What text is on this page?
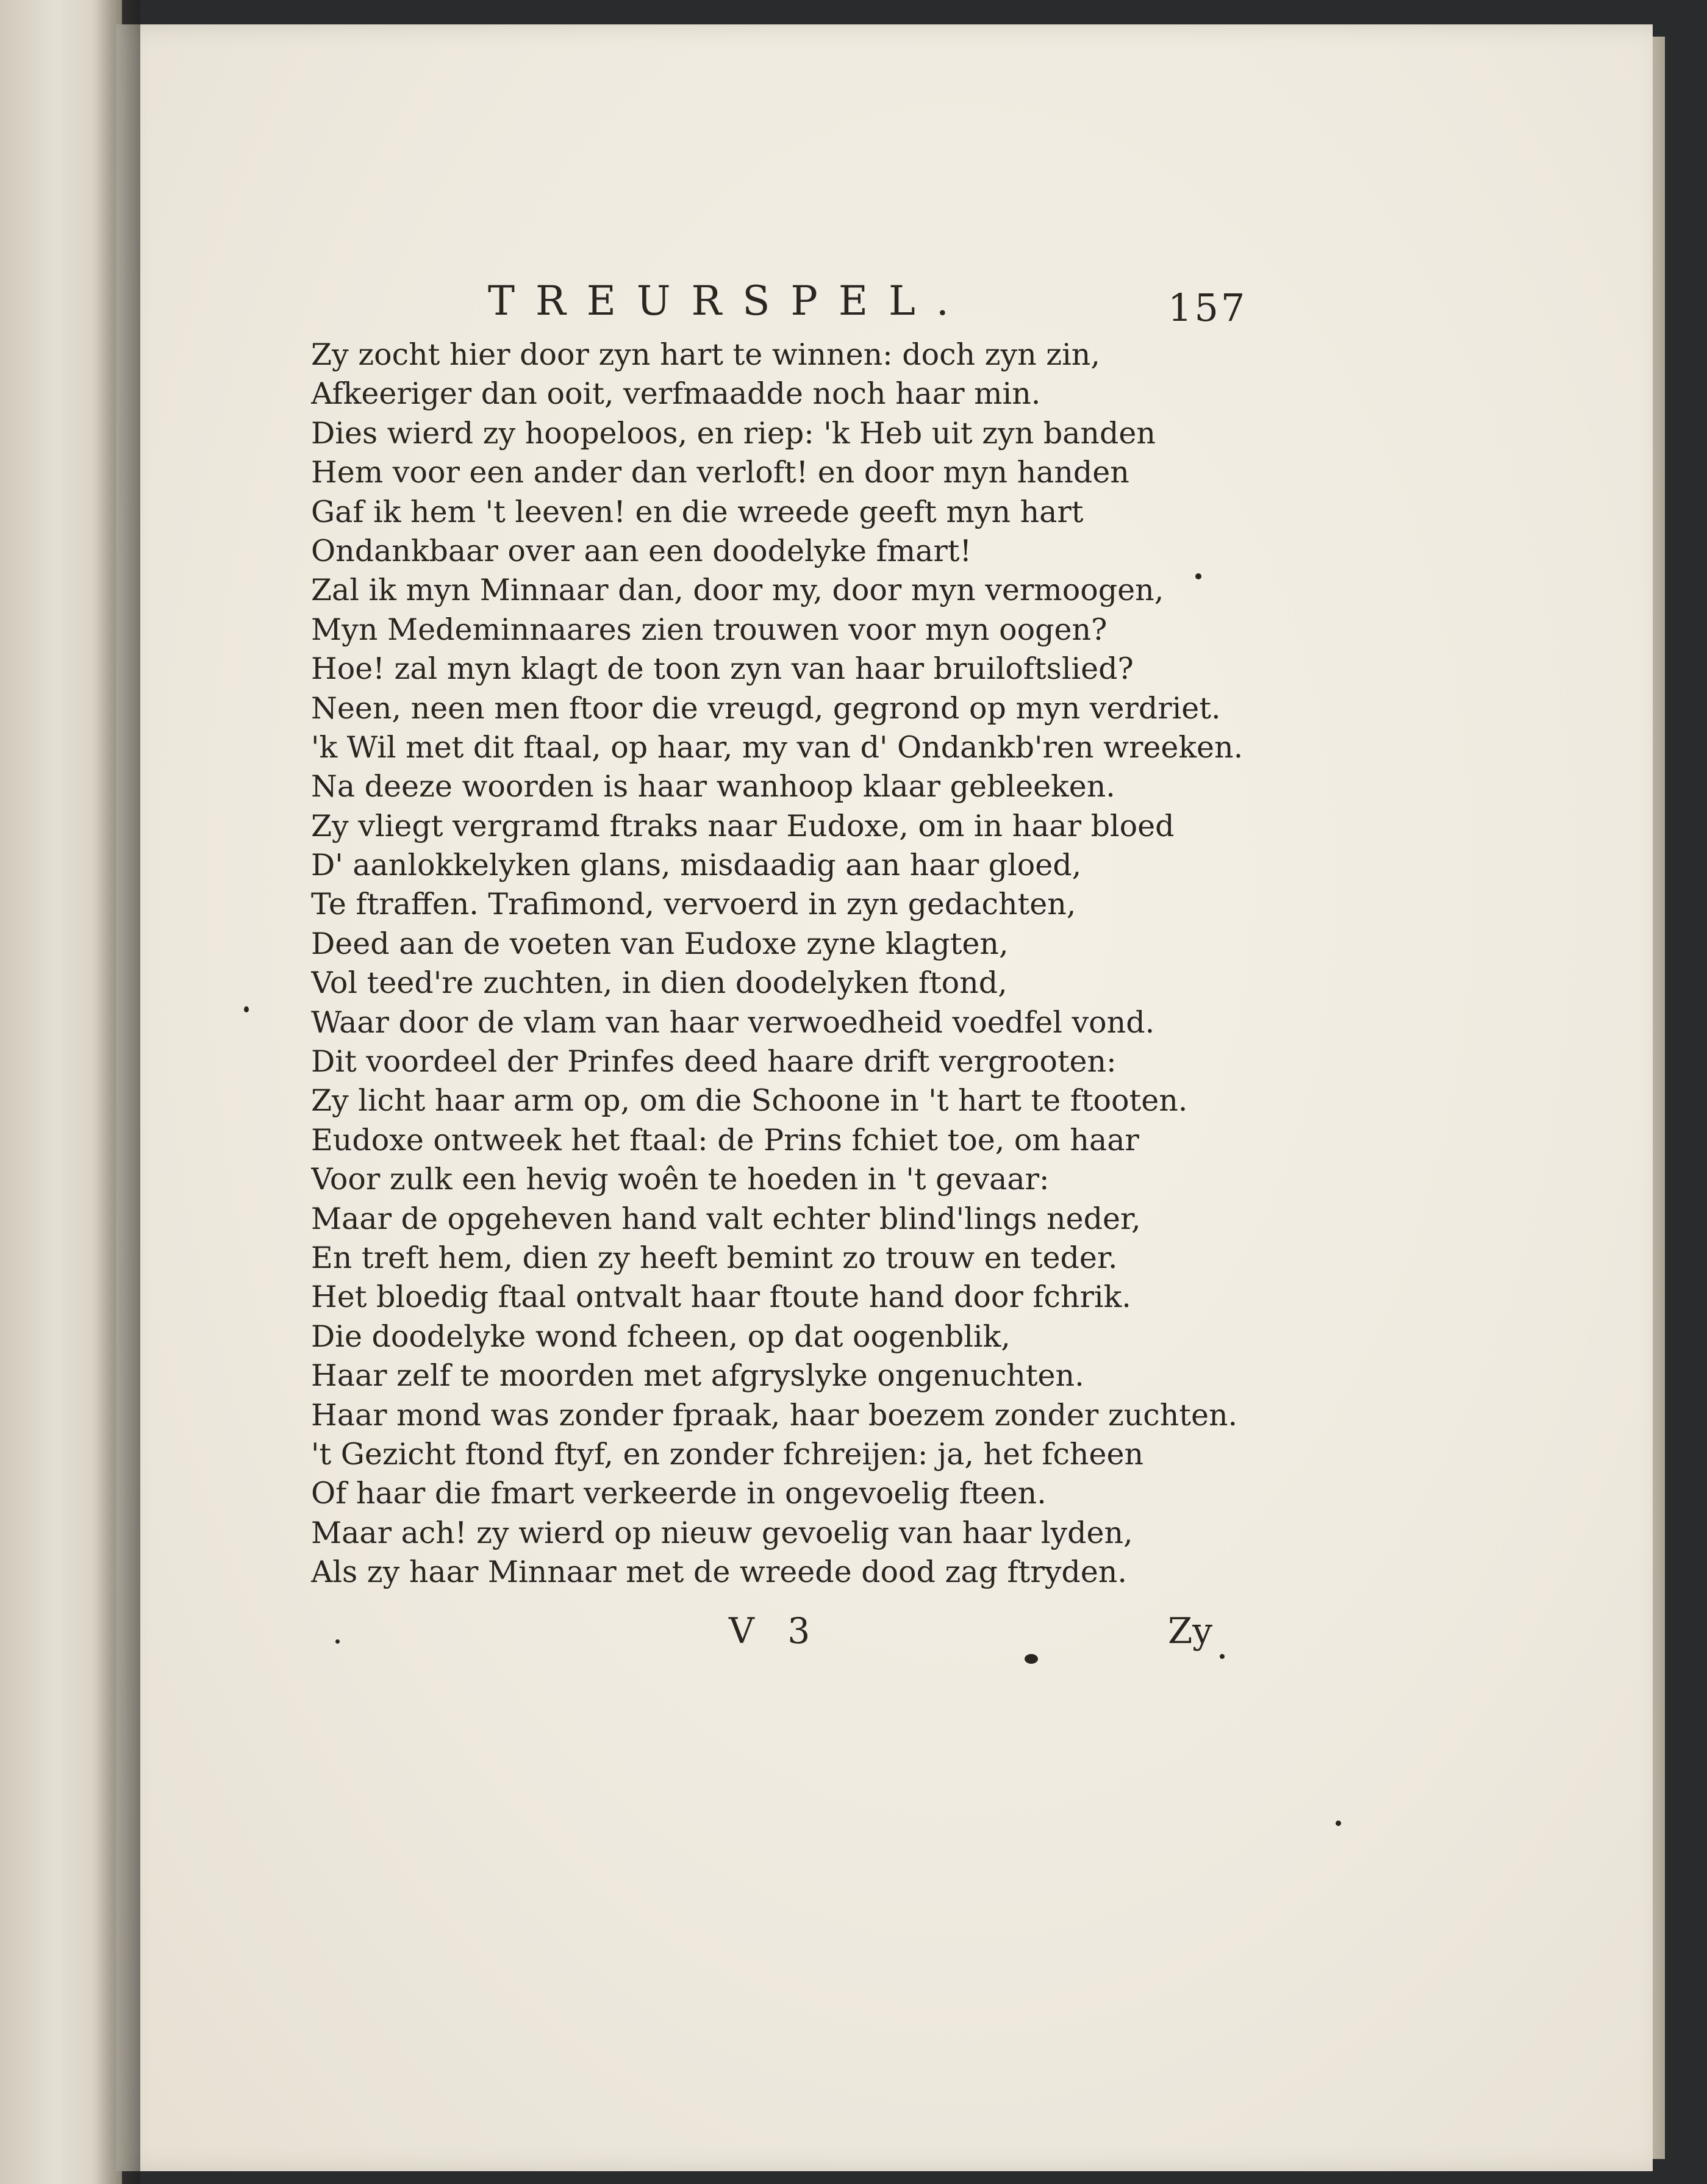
TREURSPEL.	157
Zy zocht hier door zyn hart te winnen: doch zyn zin,
Afkeeriger dan ooit, verfmaadde noch haar min.
Dies wierd zy hoopeloos, en riep: 'k Heb uit zyn banden
Hem voor een ander dan verloft! en door myn handen
Gaf ik hem 't leeven! en die wreede geeft myn hart
Ondankbaar over aan een doodelyke fmart!
Zal ik myn Minnaar dan, door my, door myn vermoogen,
Myn Medeminnaares zien trouwen voor myn oogen?
Hoe! zal myn klagt de toon zyn van haar bruiloftslied?
Neen, neen men ftoor die vreugd, gegrond op myn verdriet.
'k Wil met dit ftaal, op haar, my van d' Ondankb'ren wreeken.
Na deeze woorden is haar wanhoop klaar gebleeken.
Zy vliegt vergramd ftraks naar Eudoxe, om in haar bloed
D' aanlokkelyken glans, misdaadig aan haar gloed,
Te ftraffen. Trafimond, vervoerd in zyn gedachten,
Deed aan de voeten van Eudoxe zyne klagten,
Vol teed're zuchten, in dien doodelyken ftond,
Waar door de vlam van haar verwoedheid voedfel vond.
Dit voordeel der Prinfes deed haare drift vergrooten:
Zy licht haar arm op, om die Schoone in 't hart te ftooten.
Eudoxe ontweek het ftaal: de Prins fchiet toe, om haar
Voor zulk een hevig woên te hoeden in 't gevaar:
Maar de opgeheven hand valt echter blind'lings neder,
En treft hem, dien zy heeft bemint zo trouw en teder.
Het bloedig ftaal ontvalt haar ftoute hand door fchrik.
Die doodelyke wond fcheen, op dat oogenblik,
Haar zelf te moorden met afgryslyke ongenuchten.
Haar mond was zonder fpraak, haar boezem zonder zuchten.
't Gezicht ftond ftyf, en zonder fchreijen: ja, het fcheen
Of haar die fmart verkeerde in ongevoelig fteen.
Maar ach! zy wierd op nieuw gevoelig van haar lyden,
Als zy haar Minnaar met de wreede dood zag ftryden.
V 3	Zy
